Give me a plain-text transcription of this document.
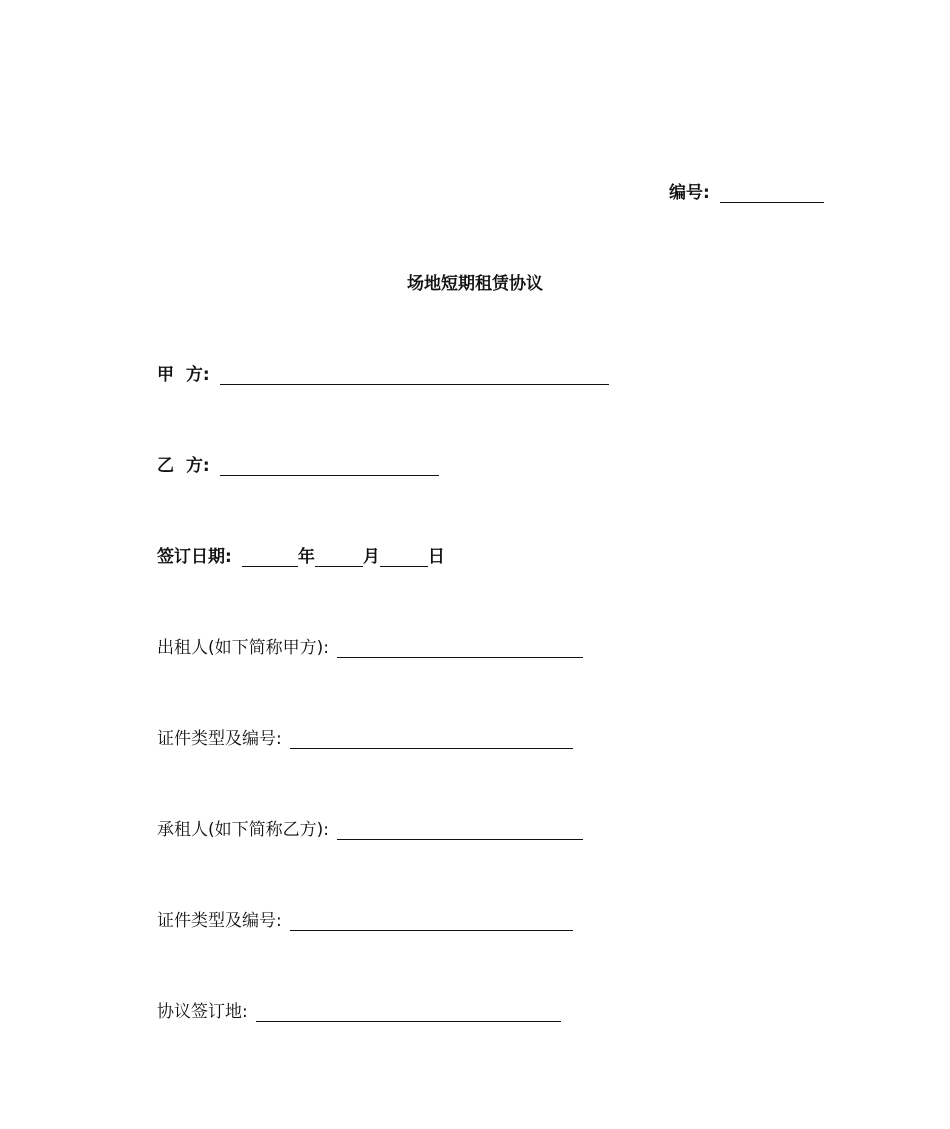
编号:
场地短期租赁协议
甲  方:
乙  方:
签订日期:	年	月	日
出租人(如下简称甲方):
证件类型及编号:
承租人(如下简称乙方):
证件类型及编号:
协议签订地:
